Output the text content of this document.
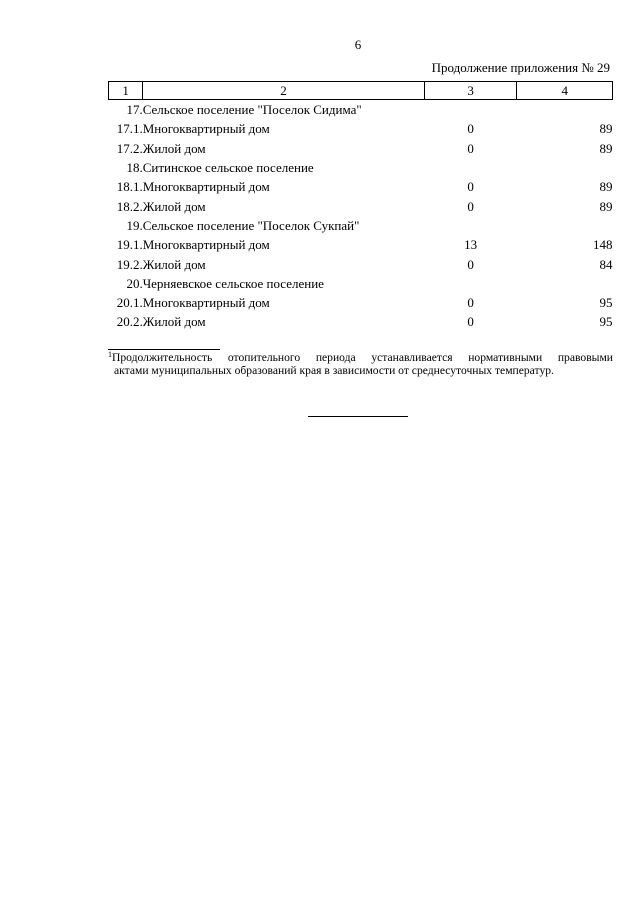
6
Продолжение приложения № 29
1	2	3	4
17.	Сельское поселение "Поселок Сидима"		
17.1.	Многоквартирный дом	0	89
17.2.	Жилой дом	0	89
18.	Ситинское сельское поселение		
18.1.	Многоквартирный дом	0	89
18.2.	Жилой дом	0	89
19.	Сельское поселение "Поселок Сукпай"		
19.1.	Многоквартирный дом	13	148
19.2.	Жилой дом	0	84
20.	Черняевское сельское поселение		
20.1.	Многоквартирный дом	0	95
20.2.	Жилой дом	0	95
$^1$Продолжительность отопительного периода устанавливается нормативными правовыми
актами муниципальных образований края в зависимости от среднесуточных температур.
